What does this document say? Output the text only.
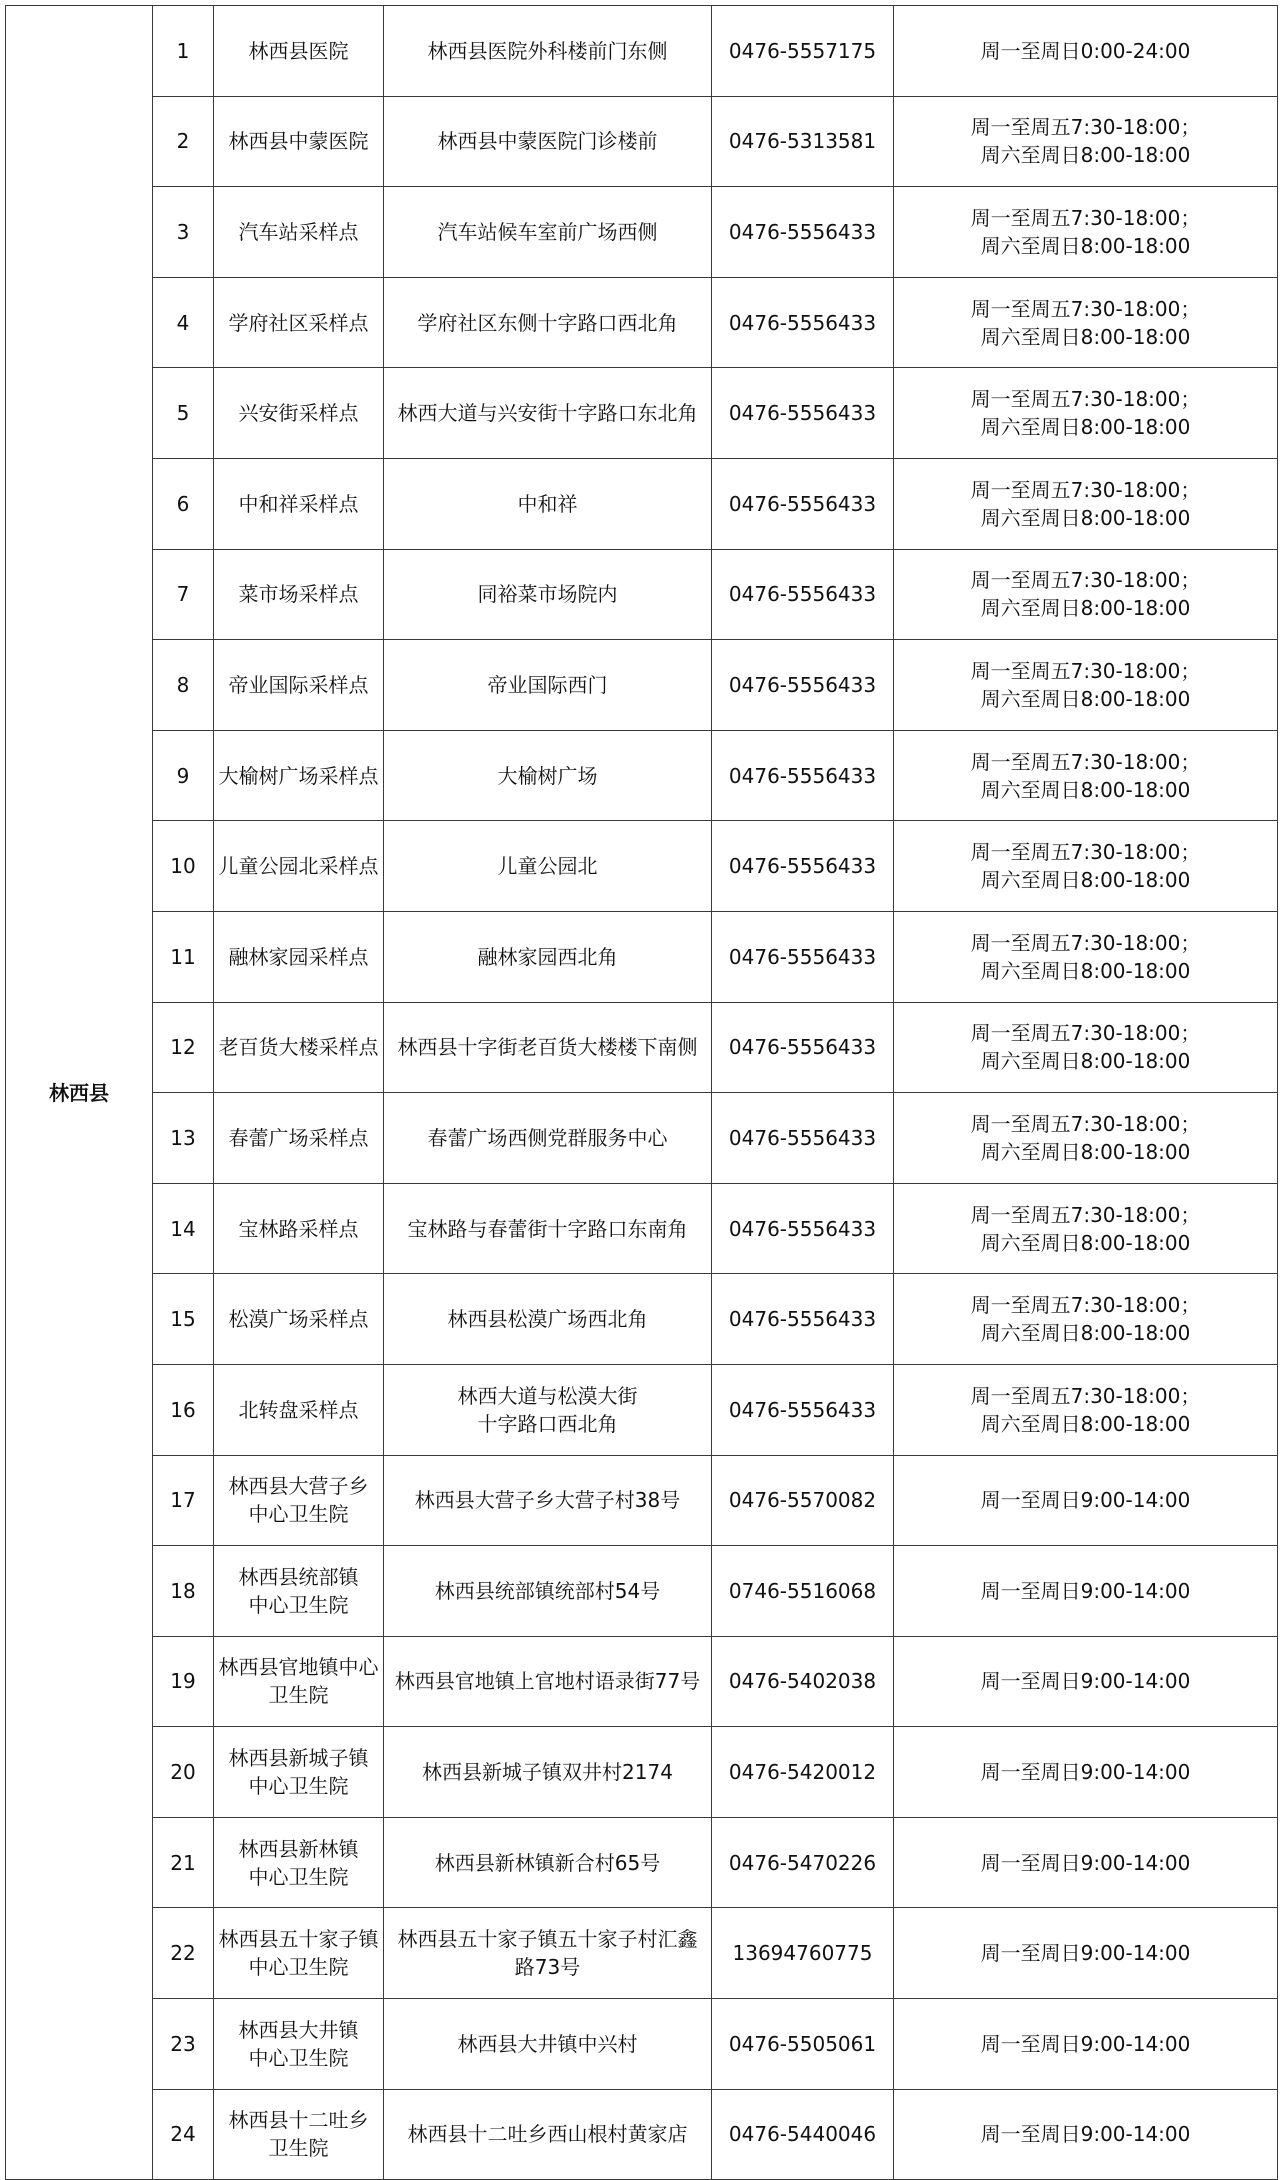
林西县	1	林西县医院	林西县医院外科楼前门东侧	0476-5557175	周一至周日0:00-24:00
	2	林西县中蒙医院	林西县中蒙医院门诊楼前	0476-5313581	周一至周五7:30-18:00；
周六至周日8:00-18:00
	3	汽车站采样点	汽车站候车室前广场西侧	0476-5556433	周一至周五7:30-18:00；
周六至周日8:00-18:00
	4	学府社区采样点	学府社区东侧十字路口西北角	0476-5556433	周一至周五7:30-18:00；
周六至周日8:00-18:00
	5	兴安街采样点	林西大道与兴安街十字路口东北角	0476-5556433	周一至周五7:30-18:00；
周六至周日8:00-18:00
	6	中和祥采样点	中和祥	0476-5556433	周一至周五7:30-18:00；
周六至周日8:00-18:00
	7	菜市场采样点	同裕菜市场院内	0476-5556433	周一至周五7:30-18:00；
周六至周日8:00-18:00
	8	帝业国际采样点	帝业国际西门	0476-5556433	周一至周五7:30-18:00；
周六至周日8:00-18:00
	9	大榆树广场采样点	大榆树广场	0476-5556433	周一至周五7:30-18:00；
周六至周日8:00-18:00
	10	儿童公园北采样点	儿童公园北	0476-5556433	周一至周五7:30-18:00；
周六至周日8:00-18:00
	11	融林家园采样点	融林家园西北角	0476-5556433	周一至周五7:30-18:00；
周六至周日8:00-18:00
	12	老百货大楼采样点	林西县十字街老百货大楼楼下南侧	0476-5556433	周一至周五7:30-18:00；
周六至周日8:00-18:00
	13	春蕾广场采样点	春蕾广场西侧党群服务中心	0476-5556433	周一至周五7:30-18:00；
周六至周日8:00-18:00
	14	宝林路采样点	宝林路与春蕾街十字路口东南角	0476-5556433	周一至周五7:30-18:00；
周六至周日8:00-18:00
	15	松漠广场采样点	林西县松漠广场西北角	0476-5556433	周一至周五7:30-18:00；
周六至周日8:00-18:00
	16	北转盘采样点	林西大道与松漠大街
十字路口西北角	0476-5556433	周一至周五7:30-18:00；
周六至周日8:00-18:00
	17	林西县大营子乡
中心卫生院	林西县大营子乡大营子村38号	0476-5570082	周一至周日9:00-14:00
	18	林西县统部镇
中心卫生院	林西县统部镇统部村54号	0746-5516068	周一至周日9:00-14:00
	19	林西县官地镇中心
卫生院	林西县官地镇上官地村语录街77号	0476-5402038	周一至周日9:00-14:00
	20	林西县新城子镇
中心卫生院	林西县新城子镇双井村2174	0476-5420012	周一至周日9:00-14:00
	21	林西县新林镇
中心卫生院	林西县新林镇新合村65号	0476-5470226	周一至周日9:00-14:00
	22	林西县五十家子镇
中心卫生院	林西县五十家子镇五十家子村汇鑫
路73号	13694760775	周一至周日9:00-14:00
	23	林西县大井镇
中心卫生院	林西县大井镇中兴村	0476-5505061	周一至周日9:00-14:00
	24	林西县十二吐乡
卫生院	林西县十二吐乡西山根村黄家店	0476-5440046	周一至周日9:00-14:00
